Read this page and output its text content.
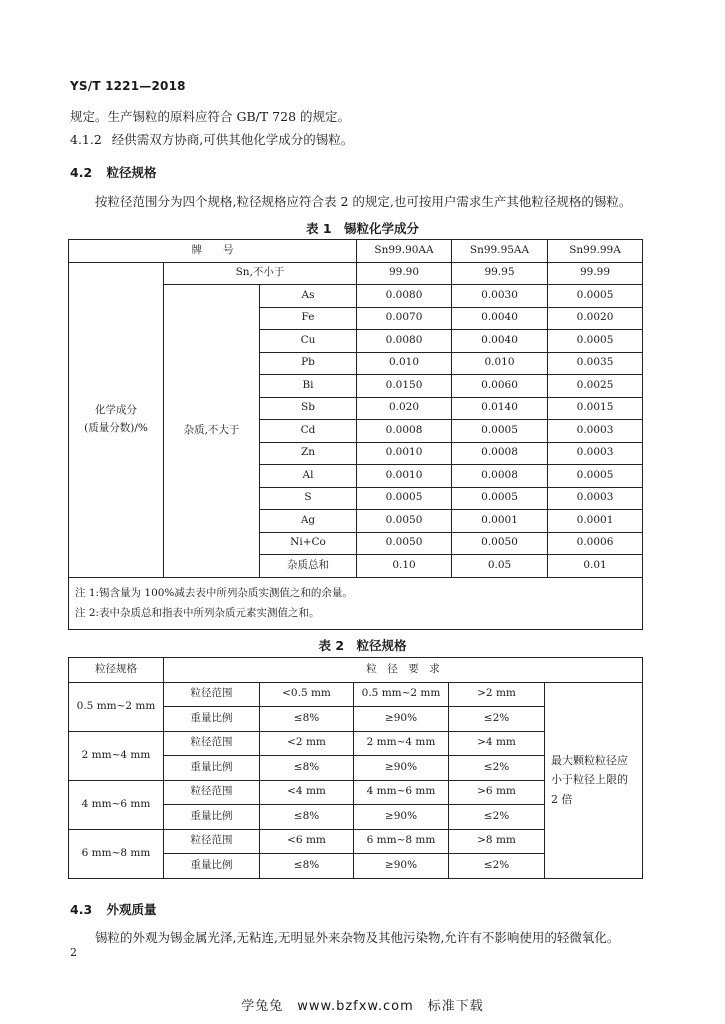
YS/T 1221—2018
规定。生产锡粒的原料应符合 GB/T 728 的规定。
4.1.2 经供需双方协商,可供其他化学成分的锡粒。
4.2 粒径规格
按粒径范围分为四个规格,粒径规格应符合表 2 的规定,也可按用户需求生产其他粒径规格的锡粒。
表 1　锡粒化学成分
牌　　号			Sn99.90AA	Sn99.95AA	Sn99.99A

化学成分
(质量分数)/%	Sn,不小于		99.90	99.95	99.99
	杂质,不大于	As	0.0080	0.0030	0.0005
		Fe	0.0070	0.0040	0.0020
		Cu	0.0080	0.0040	0.0005
		Pb	0.010	0.010	0.0035
		Bi	0.0150	0.0060	0.0025
		Sb	0.020	0.0140	0.0015
		Cd	0.0008	0.0005	0.0003
		Zn	0.0010	0.0008	0.0003
		Al	0.0010	0.0008	0.0005
		S	0.0005	0.0005	0.0003
		Ag	0.0050	0.0001	0.0001
		Ni+Co	0.0050	0.0050	0.0006
		杂质总和	0.10	0.05	0.01

注 1:锡含量为 100%减去表中所列杂质实测值之和的余量。
注 2:表中杂质总和指表中所列杂质元素实测值之和。					
表 2　粒径规格
粒径规格	粒　径　要　求				
0.5 mm~2 mm	粒径范围	<0.5 mm	0.5 mm~2 mm	>2 mm	最大颗粒粒径应小于粒径上限的 2 倍
	重量比例	≤8%	≥90%	≤2%	
2 mm~4 mm	粒径范围	<2 mm	2 mm~4 mm	>4 mm	
	重量比例	≤8%	≥90%	≤2%	
4 mm~6 mm	粒径范围	<4 mm	4 mm~6 mm	>6 mm	
	重量比例	≤8%	≥90%	≤2%	
6 mm~8 mm	粒径范围	<6 mm	6 mm~8 mm	>8 mm	
	重量比例	≤8%	≥90%	≤2%	
4.3 外观质量
锡粒的外观为锡金属光泽,无粘连,无明显外来杂物及其他污染物,允许有不影响使用的轻微氧化。
2
学兔兔　www.bzfxw.com　标准下载
